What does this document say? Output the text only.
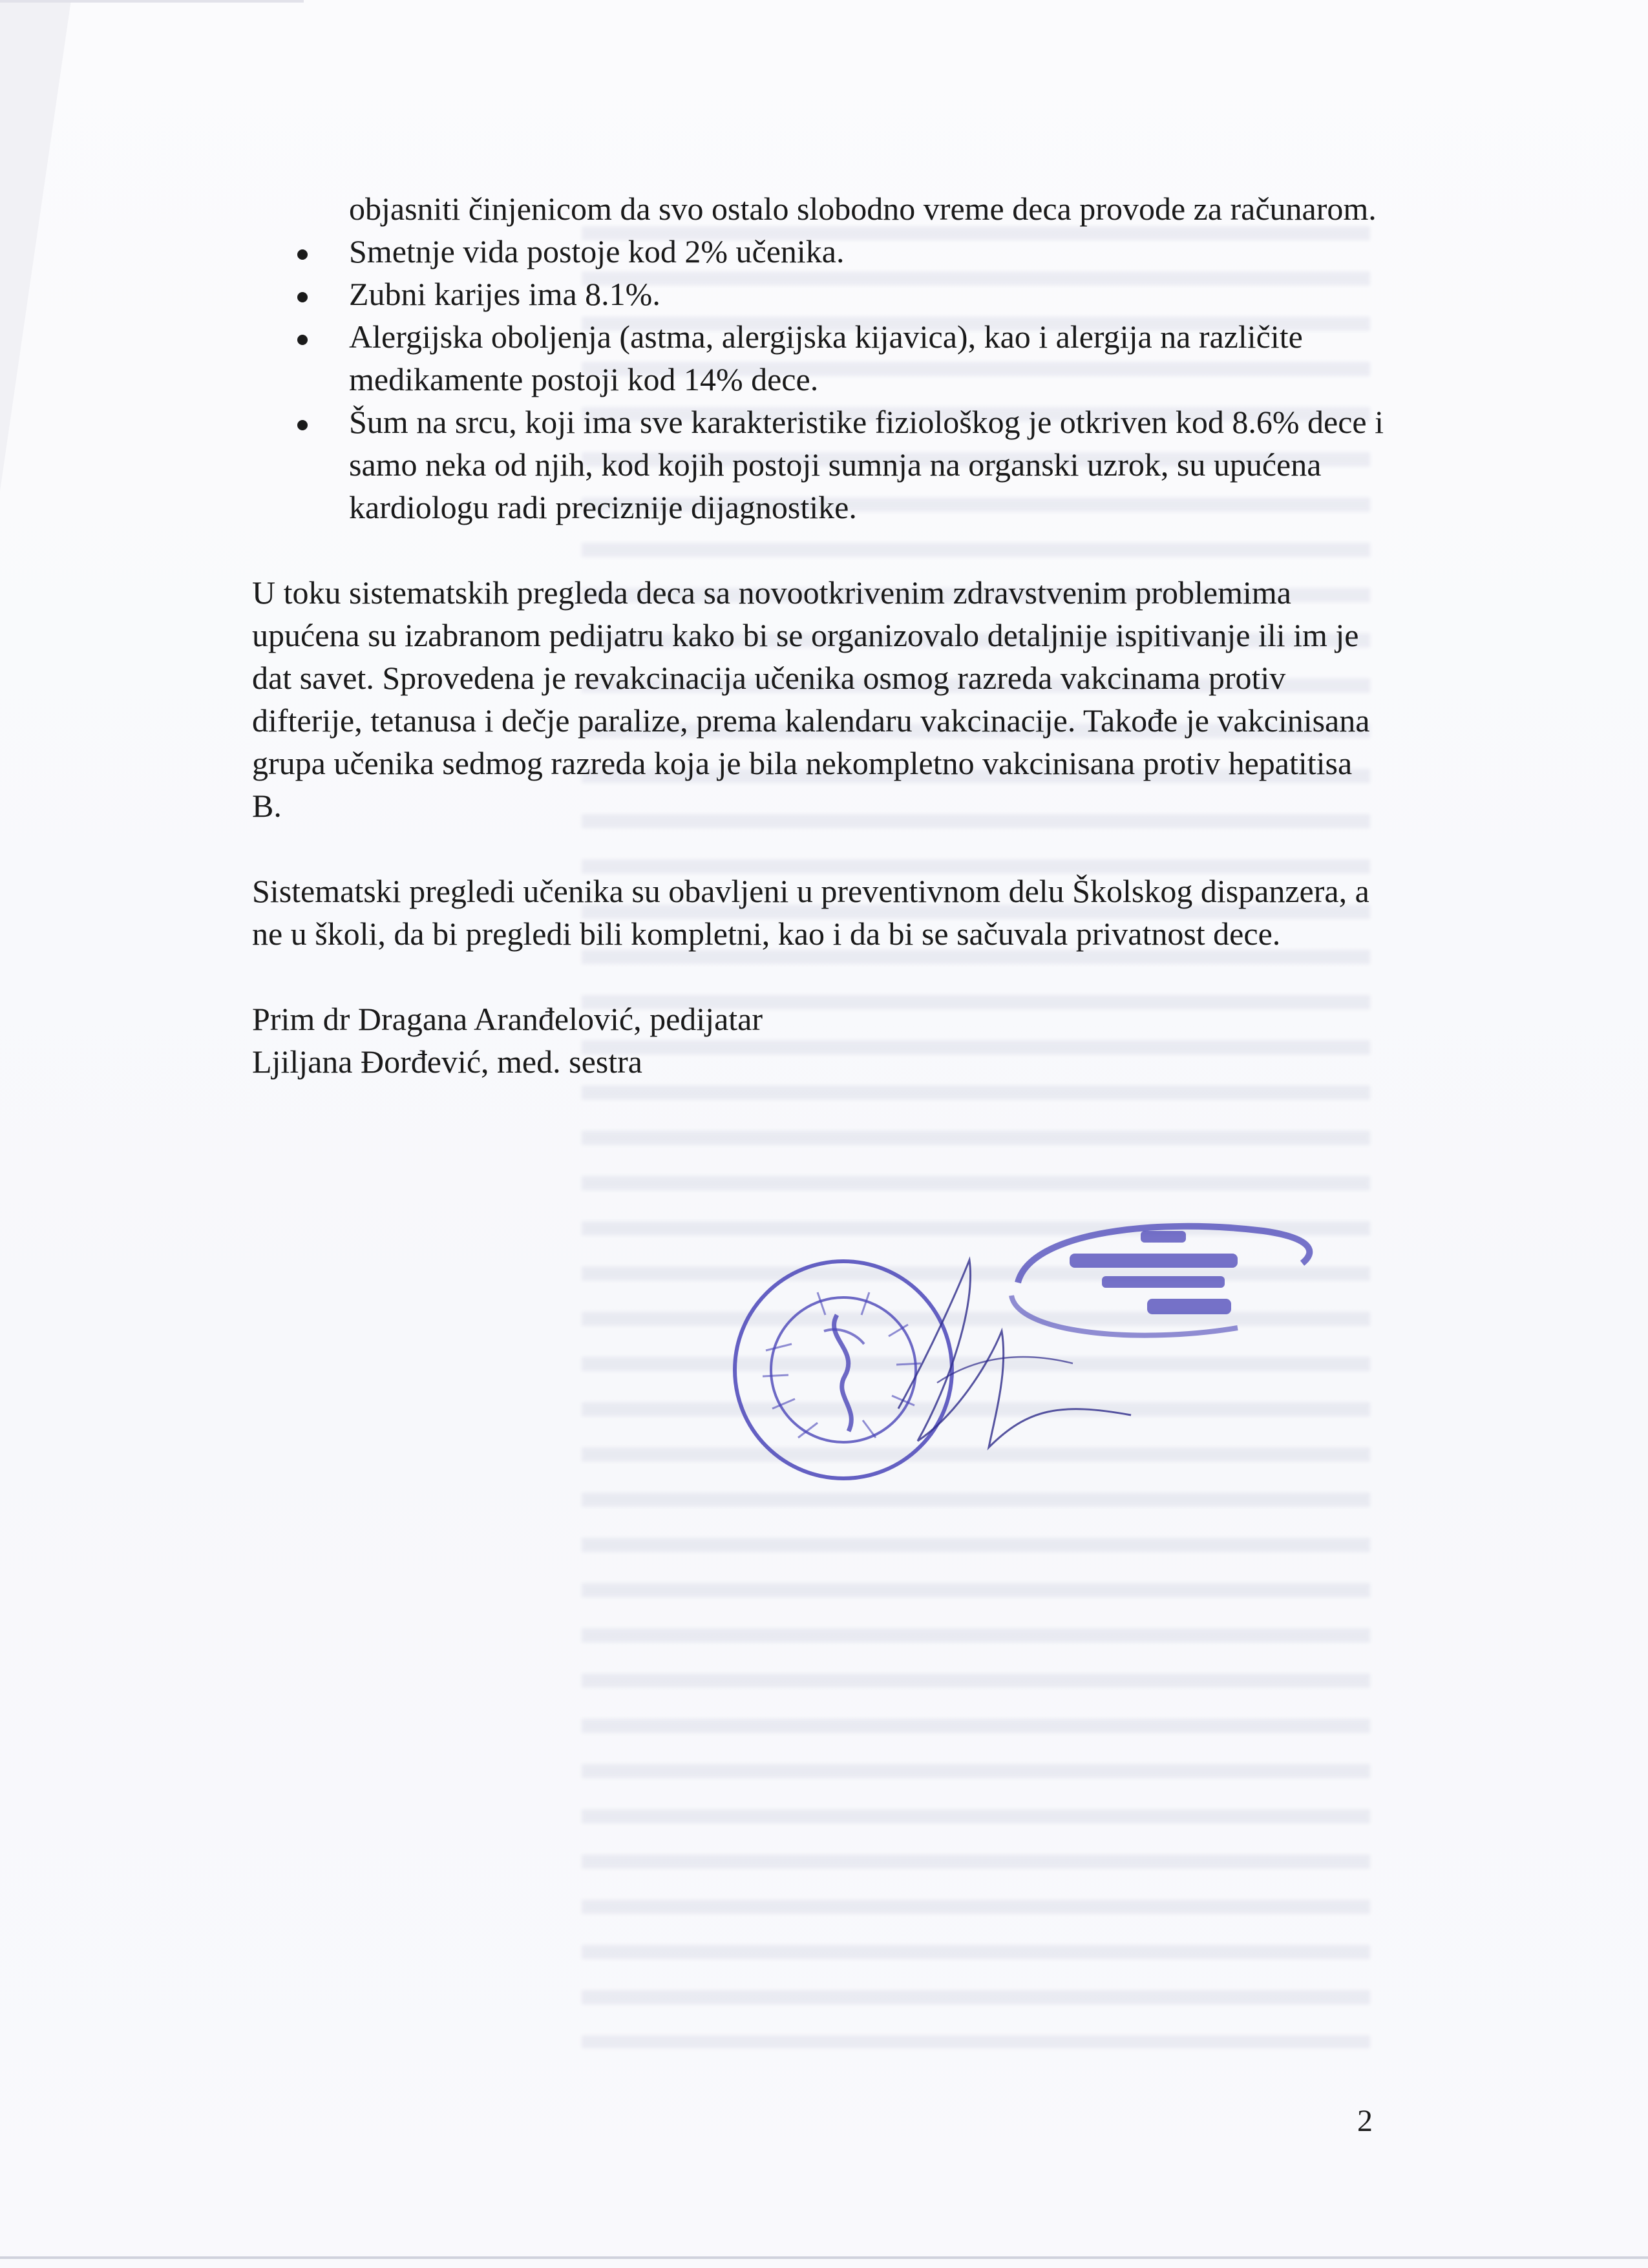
objasniti činjenicom da svo ostalo slobodno vreme deca provode za računarom.

Smetnje vida postoje kod 2% učenika.
Zubni karijes ima 8.1%.
Alergijska oboljenja (astma, alergijska kijavica), kao i alergija na različite medikamente postoji kod 14% dece.
Šum na srcu, koji ima sve karakteristike fiziološkog je otkriven kod 8.6% dece i samo neka od njih, kod kojih postoji sumnja na organski uzrok, su upućena kardiologu radi preciznije dijagnostike.

U toku sistematskih pregleda deca sa novootkrivenim zdravstvenim problemima upućena su izabranom pedijatru kako bi se organizovalo detaljnije ispitivanje ili im je dat savet. Sprovedena je revakcinacija učenika osmog razreda vakcinama protiv difterije, tetanusa i dečje paralize, prema kalendaru vakcinacije. Takođe je vakcinisana grupa učenika sedmog razreda koja je bila nekompletno vakcinisana protiv hepatitisa B.

Sistematski pregledi učenika su obavljeni u preventivnom delu Školskog dispanzera, a ne u školi, da bi pregledi bili kompletni, kao i da bi se sačuvala privatnost dece.

Prim dr Dragana Aranđelović, pedijatar

Ljiljana Đorđević, med. sestra

2
